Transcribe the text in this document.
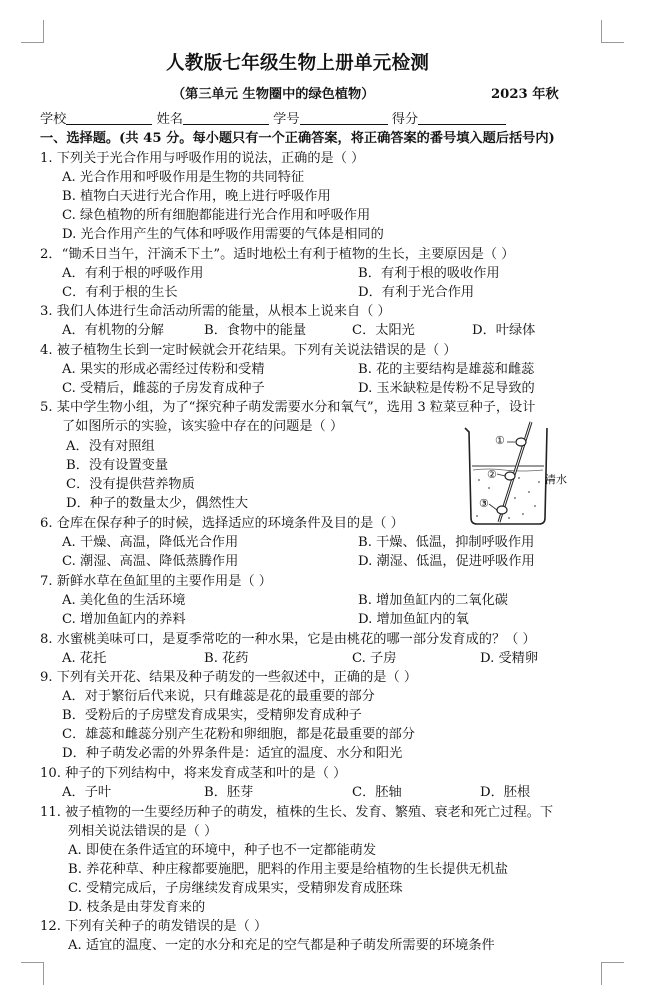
人教版七年级生物上册单元检测
（第三单元 生物圈中的绿色植物）	2023 年秋
学校	姓名	学号	得分
一、选择题。(共 45 分。每小题只有一个正确答案，将正确答案的番号填入题后括号内)
1. 下列关于光合作用与呼吸作用的说法，正确的是（ ）
A. 光合作用和呼吸作用是生物的共同特征
B. 植物白天进行光合作用，晚上进行呼吸作用
C. 绿色植物的所有细胞都能进行光合作用和呼吸作用
D. 光合作用产生的气体和呼吸作用需要的气体是相同的
2．“锄禾日当午，汗滴禾下土”。适时地松土有利于植物的生长，主要原因是（ ）
A．有利于根的呼吸作用	B．有利于根的吸收作用
C．有利于根的生长	D．有利于光合作用
3. 我们人体进行生命活动所需的能量，从根本上说来自（ ）
A．有机物的分解	B．食物中的能量	C．太阳光	D．叶绿体
4. 被子植物生长到一定时候就会开花结果。下列有关说法错误的是（ ）
A. 果实的形成必需经过传粉和受精	B. 花的主要结构是雄蕊和雌蕊
C. 受精后，雌蕊的子房发育成种子	D. 玉米缺粒是传粉不足导致的
5. 某中学生物小组，为了“探究种子萌发需要水分和氧气”，选用 3 粒菜豆种子，设计
了如图所示的实验，该实验中存在的问题是（ ）
A．没有对照组
B．没有设置变量
C．没有提供营养物质
D．种子的数量太少，偶然性大
①
②
③
清水
6. 仓库在保存种子的时候，选择适应的环境条件及目的是（ ）
A. 干燥、高温，降低光合作用	B. 干燥、低温，抑制呼吸作用
C. 潮湿、高温、降低蒸腾作用	D. 潮湿、低温，促进呼吸作用
7. 新鲜水草在鱼缸里的主要作用是（ ）
A. 美化鱼的生活环境	B. 增加鱼缸内的二氧化碳
C. 增加鱼缸内的养料	D. 增加鱼缸内的氧
8. 水蜜桃美味可口，是夏季常吃的一种水果，它是由桃花的哪一部分发育成的？（ ）
A. 花托	B. 花药	C. 子房	D. 受精卵
9. 下列有关开花、结果及种子萌发的一些叙述中，正确的是（ ）
A．对于繁衍后代来说，只有雌蕊是花的最重要的部分
B．受粉后的子房壁发育成果实，受精卵发育成种子
C．雄蕊和雌蕊分别产生花粉和卵细胞，都是花最重要的部分
D．种子萌发必需的外界条件是：适宜的温度、水分和阳光
10. 种子的下列结构中，将来发育成茎和叶的是（ ）
A．子叶	B．胚芽	C．胚轴	D．胚根
11. 被子植物的一生要经历种子的萌发，植株的生长、发育、繁殖、衰老和死亡过程。下
列相关说法错误的是（ ）
A. 即使在条件适宜的环境中，种子也不一定都能萌发
B. 养花种草、种庄稼都要施肥，肥料的作用主要是给植物的生长提供无机盐
C. 受精完成后，子房继续发育成果实，受精卵发育成胚珠
D. 枝条是由芽发育来的
12. 下列有关种子的萌发错误的是（ ）
A. 适宜的温度、一定的水分和充足的空气都是种子萌发所需要的环境条件
